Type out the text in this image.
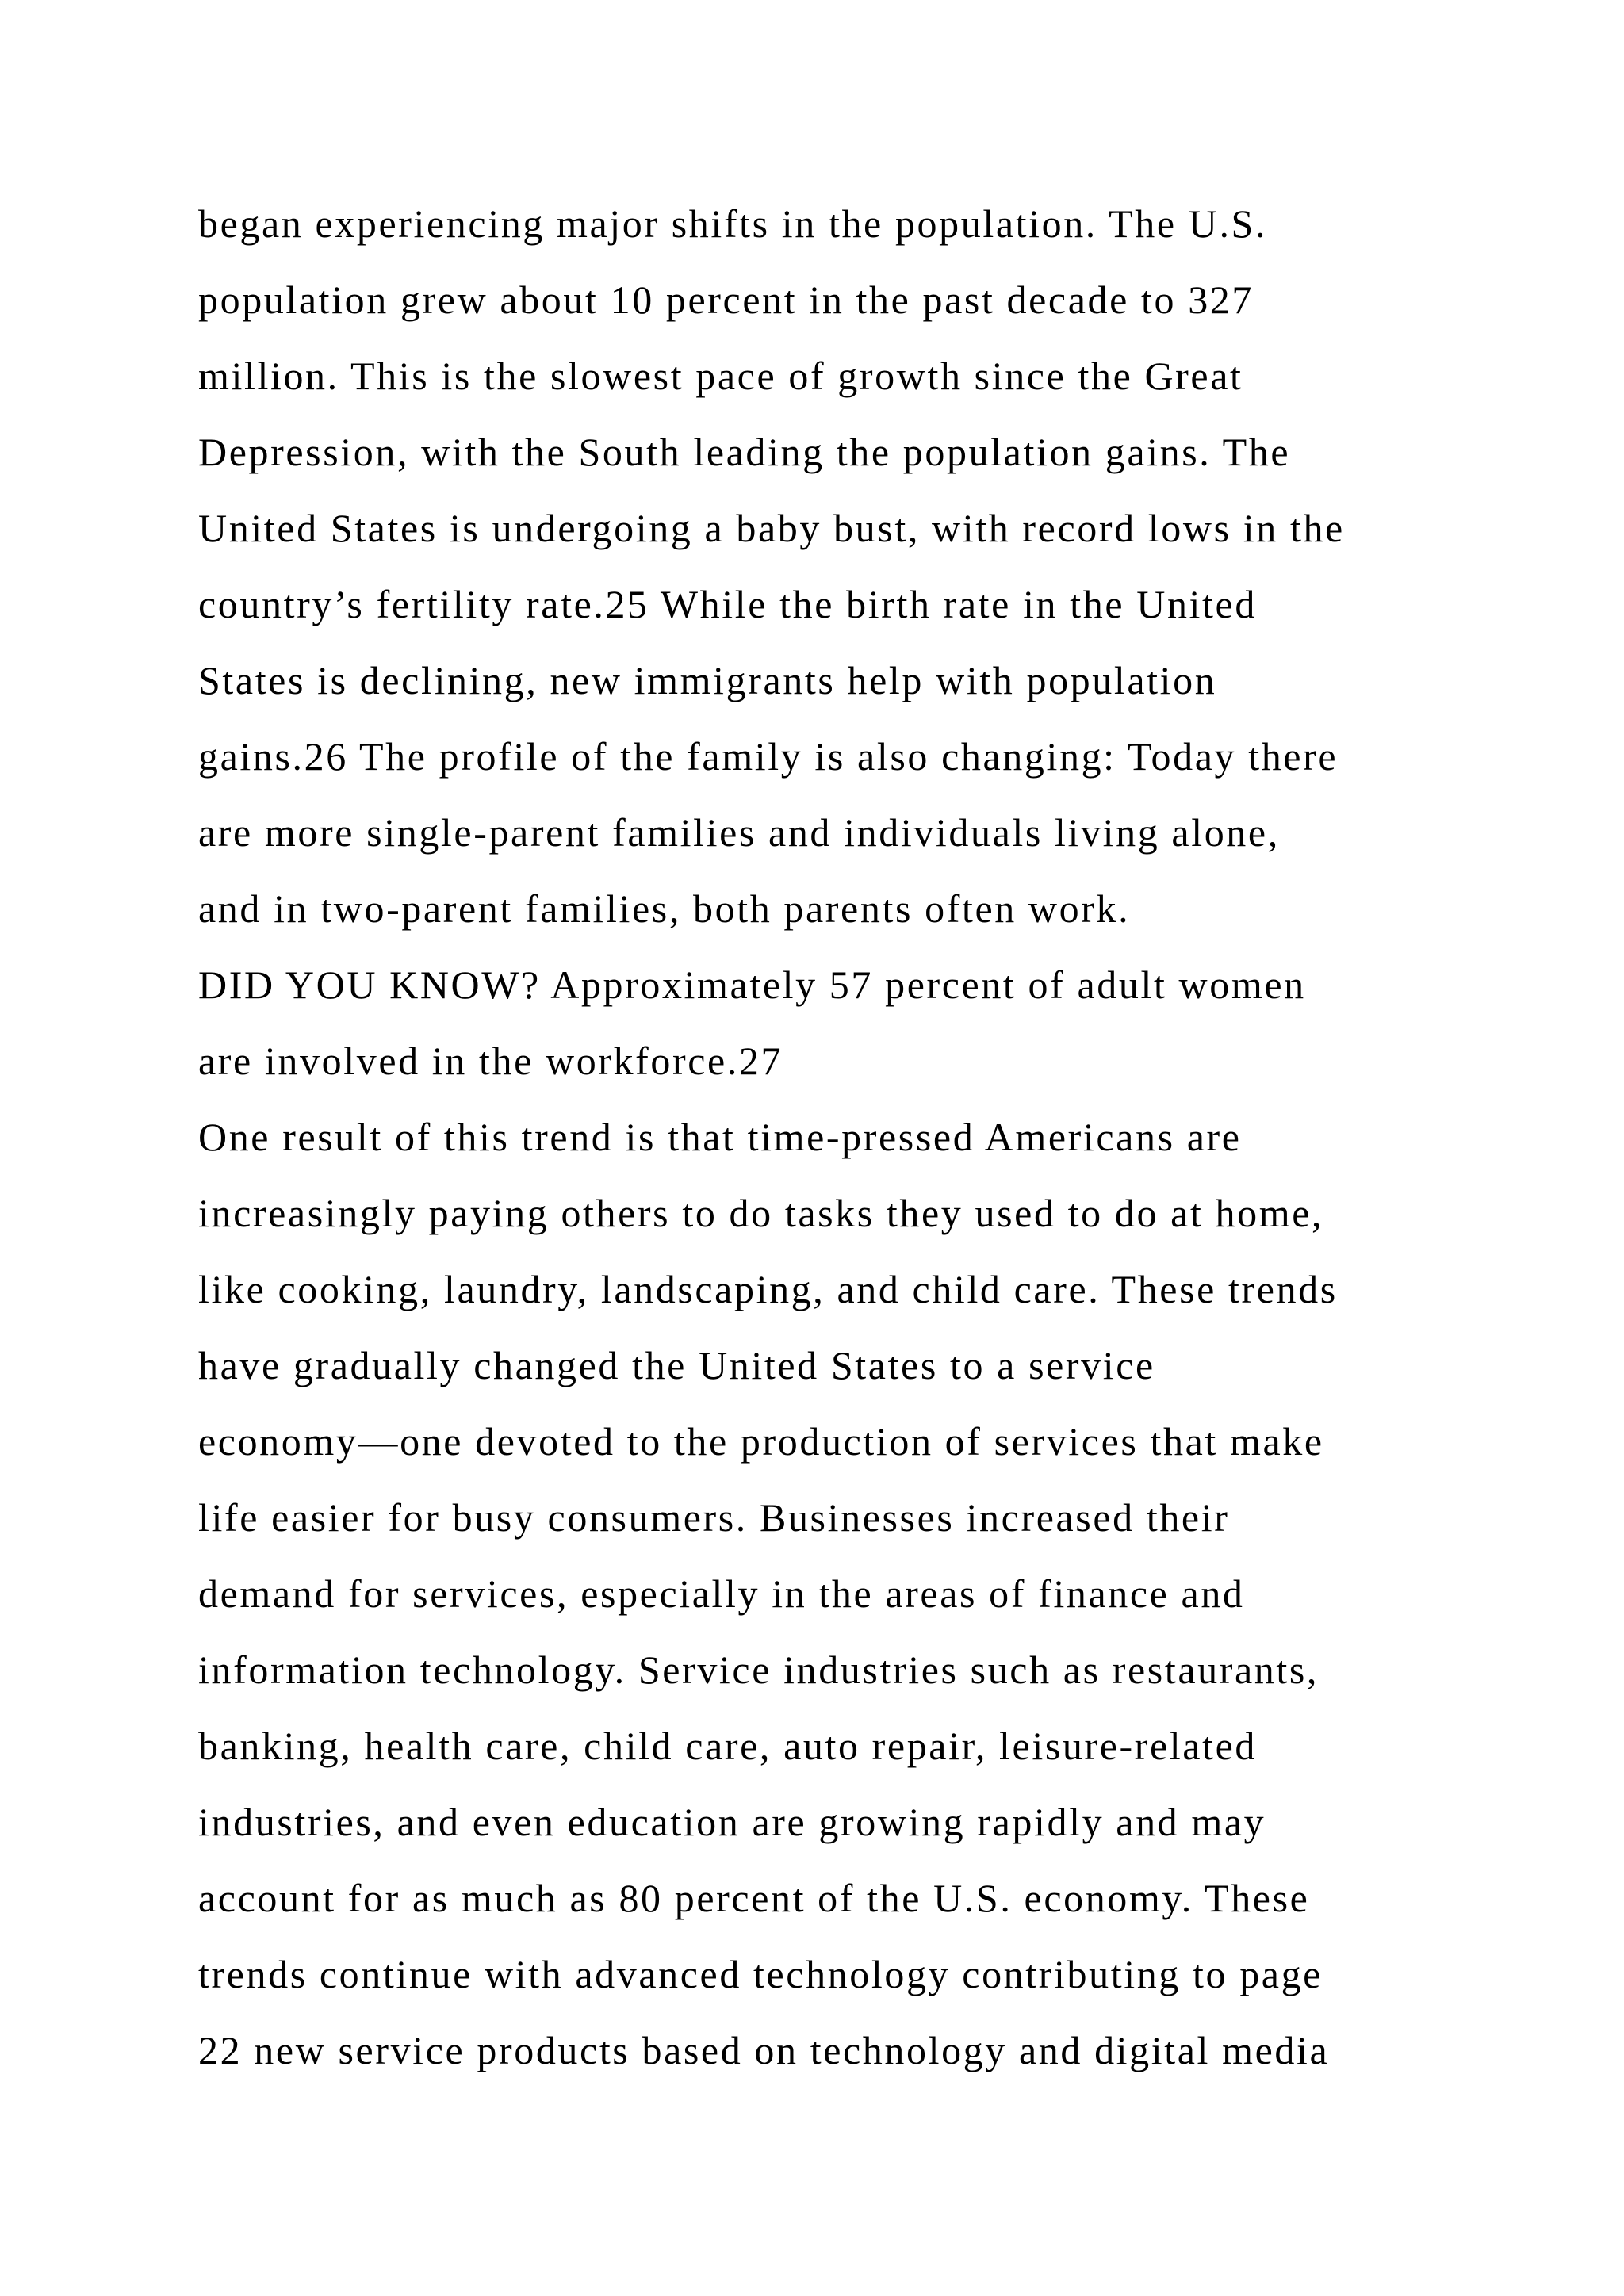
began experiencing major shifts in the population. The U.S.
population grew about 10 percent in the past decade to 327
million. This is the slowest pace of growth since the Great
Depression, with the South leading the population gains. The
United States is undergoing a baby bust, with record lows in the
country’s fertility rate.25 While the birth rate in the United
States is declining, new immigrants help with population
gains.26 The profile of the family is also changing: Today there
are more single-parent families and individuals living alone,
and in two-parent families, both parents often work.
DID YOU KNOW? Approximately 57 percent of adult women
are involved in the workforce.27
One result of this trend is that time-pressed Americans are
increasingly paying others to do tasks they used to do at home,
like cooking, laundry, landscaping, and child care. These trends
have gradually changed the United States to a service
economy—one devoted to the production of services that make
life easier for busy consumers. Businesses increased their
demand for services, especially in the areas of finance and
information technology. Service industries such as restaurants,
banking, health care, child care, auto repair, leisure-related
industries, and even education are growing rapidly and may
account for as much as 80 percent of the U.S. economy. These
trends continue with advanced technology contributing to page
22 new service products based on technology and digital media
